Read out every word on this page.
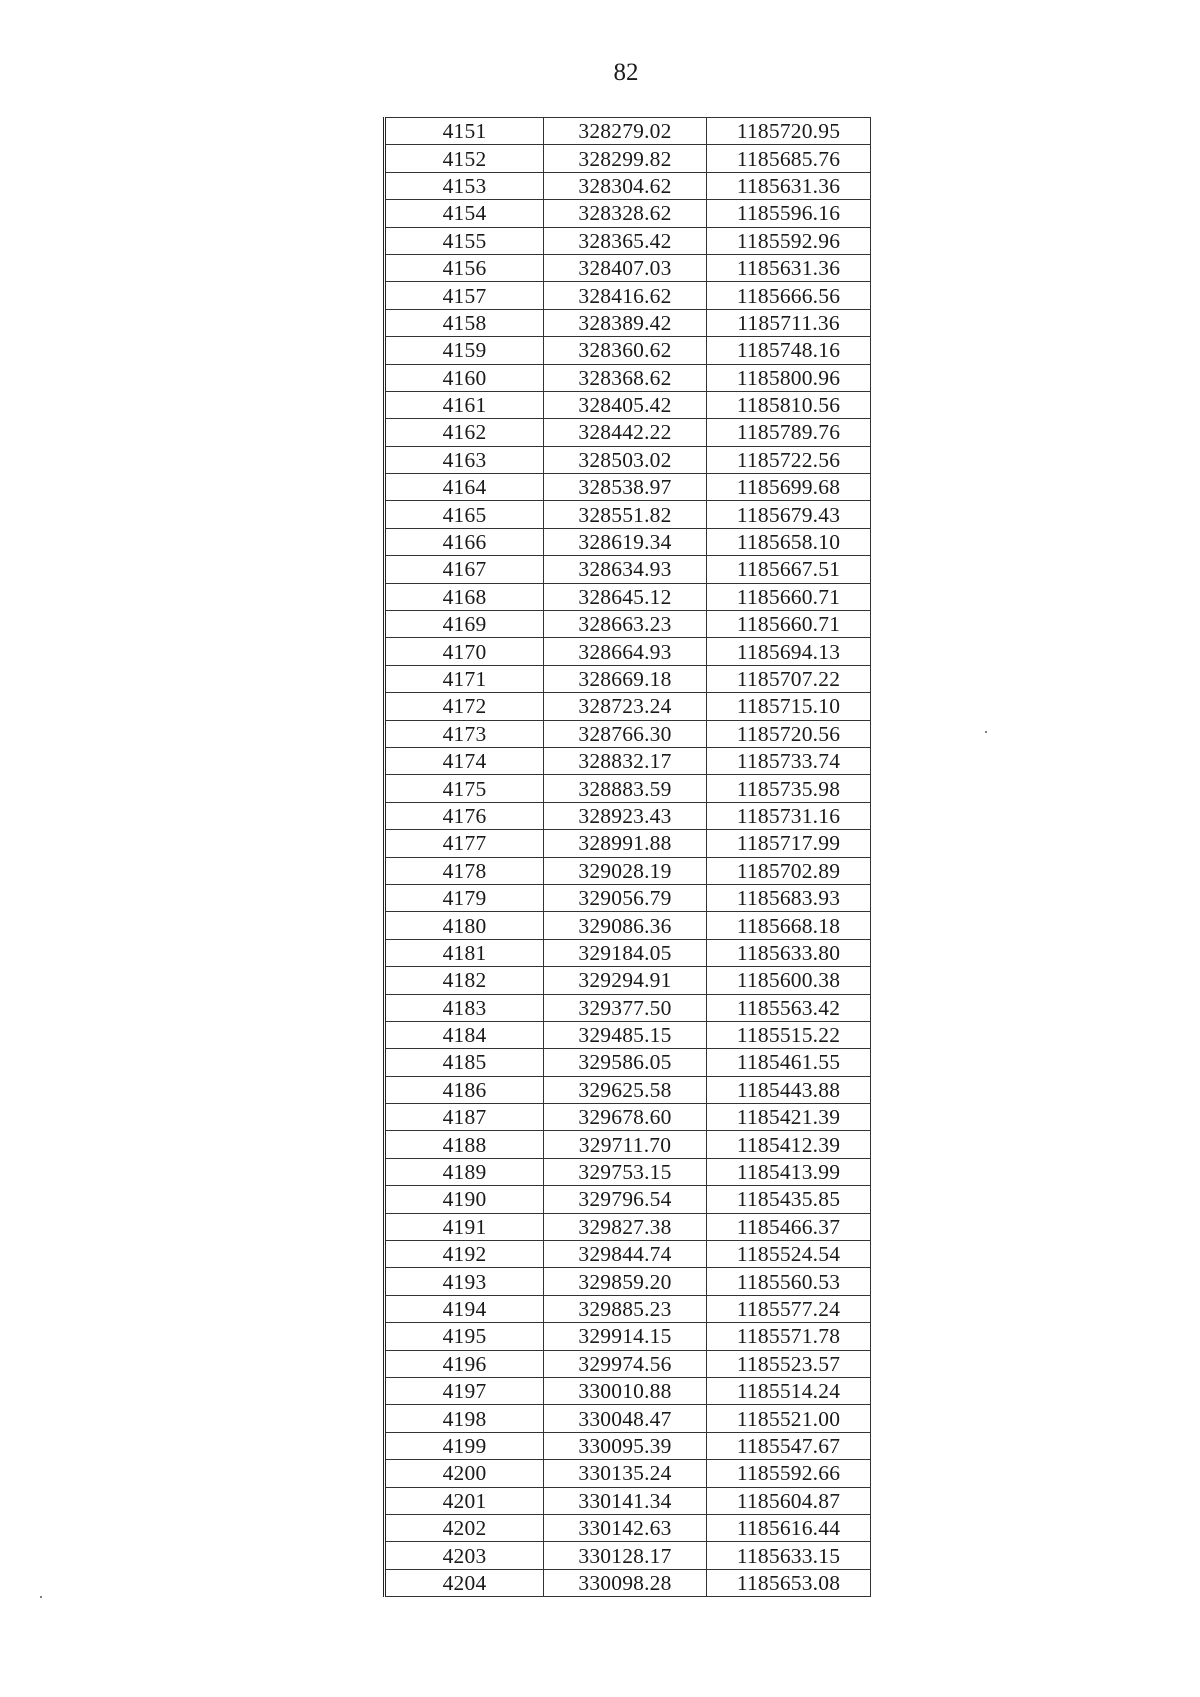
82
4151	328279.02	1185720.95
4152	328299.82	1185685.76
4153	328304.62	1185631.36
4154	328328.62	1185596.16
4155	328365.42	1185592.96
4156	328407.03	1185631.36
4157	328416.62	1185666.56
4158	328389.42	1185711.36
4159	328360.62	1185748.16
4160	328368.62	1185800.96
4161	328405.42	1185810.56
4162	328442.22	1185789.76
4163	328503.02	1185722.56
4164	328538.97	1185699.68
4165	328551.82	1185679.43
4166	328619.34	1185658.10
4167	328634.93	1185667.51
4168	328645.12	1185660.71
4169	328663.23	1185660.71
4170	328664.93	1185694.13
4171	328669.18	1185707.22
4172	328723.24	1185715.10
4173	328766.30	1185720.56
4174	328832.17	1185733.74
4175	328883.59	1185735.98
4176	328923.43	1185731.16
4177	328991.88	1185717.99
4178	329028.19	1185702.89
4179	329056.79	1185683.93
4180	329086.36	1185668.18
4181	329184.05	1185633.80
4182	329294.91	1185600.38
4183	329377.50	1185563.42
4184	329485.15	1185515.22
4185	329586.05	1185461.55
4186	329625.58	1185443.88
4187	329678.60	1185421.39
4188	329711.70	1185412.39
4189	329753.15	1185413.99
4190	329796.54	1185435.85
4191	329827.38	1185466.37
4192	329844.74	1185524.54
4193	329859.20	1185560.53
4194	329885.23	1185577.24
4195	329914.15	1185571.78
4196	329974.56	1185523.57
4197	330010.88	1185514.24
4198	330048.47	1185521.00
4199	330095.39	1185547.67
4200	330135.24	1185592.66
4201	330141.34	1185604.87
4202	330142.63	1185616.44
4203	330128.17	1185633.15
4204	330098.28	1185653.08
